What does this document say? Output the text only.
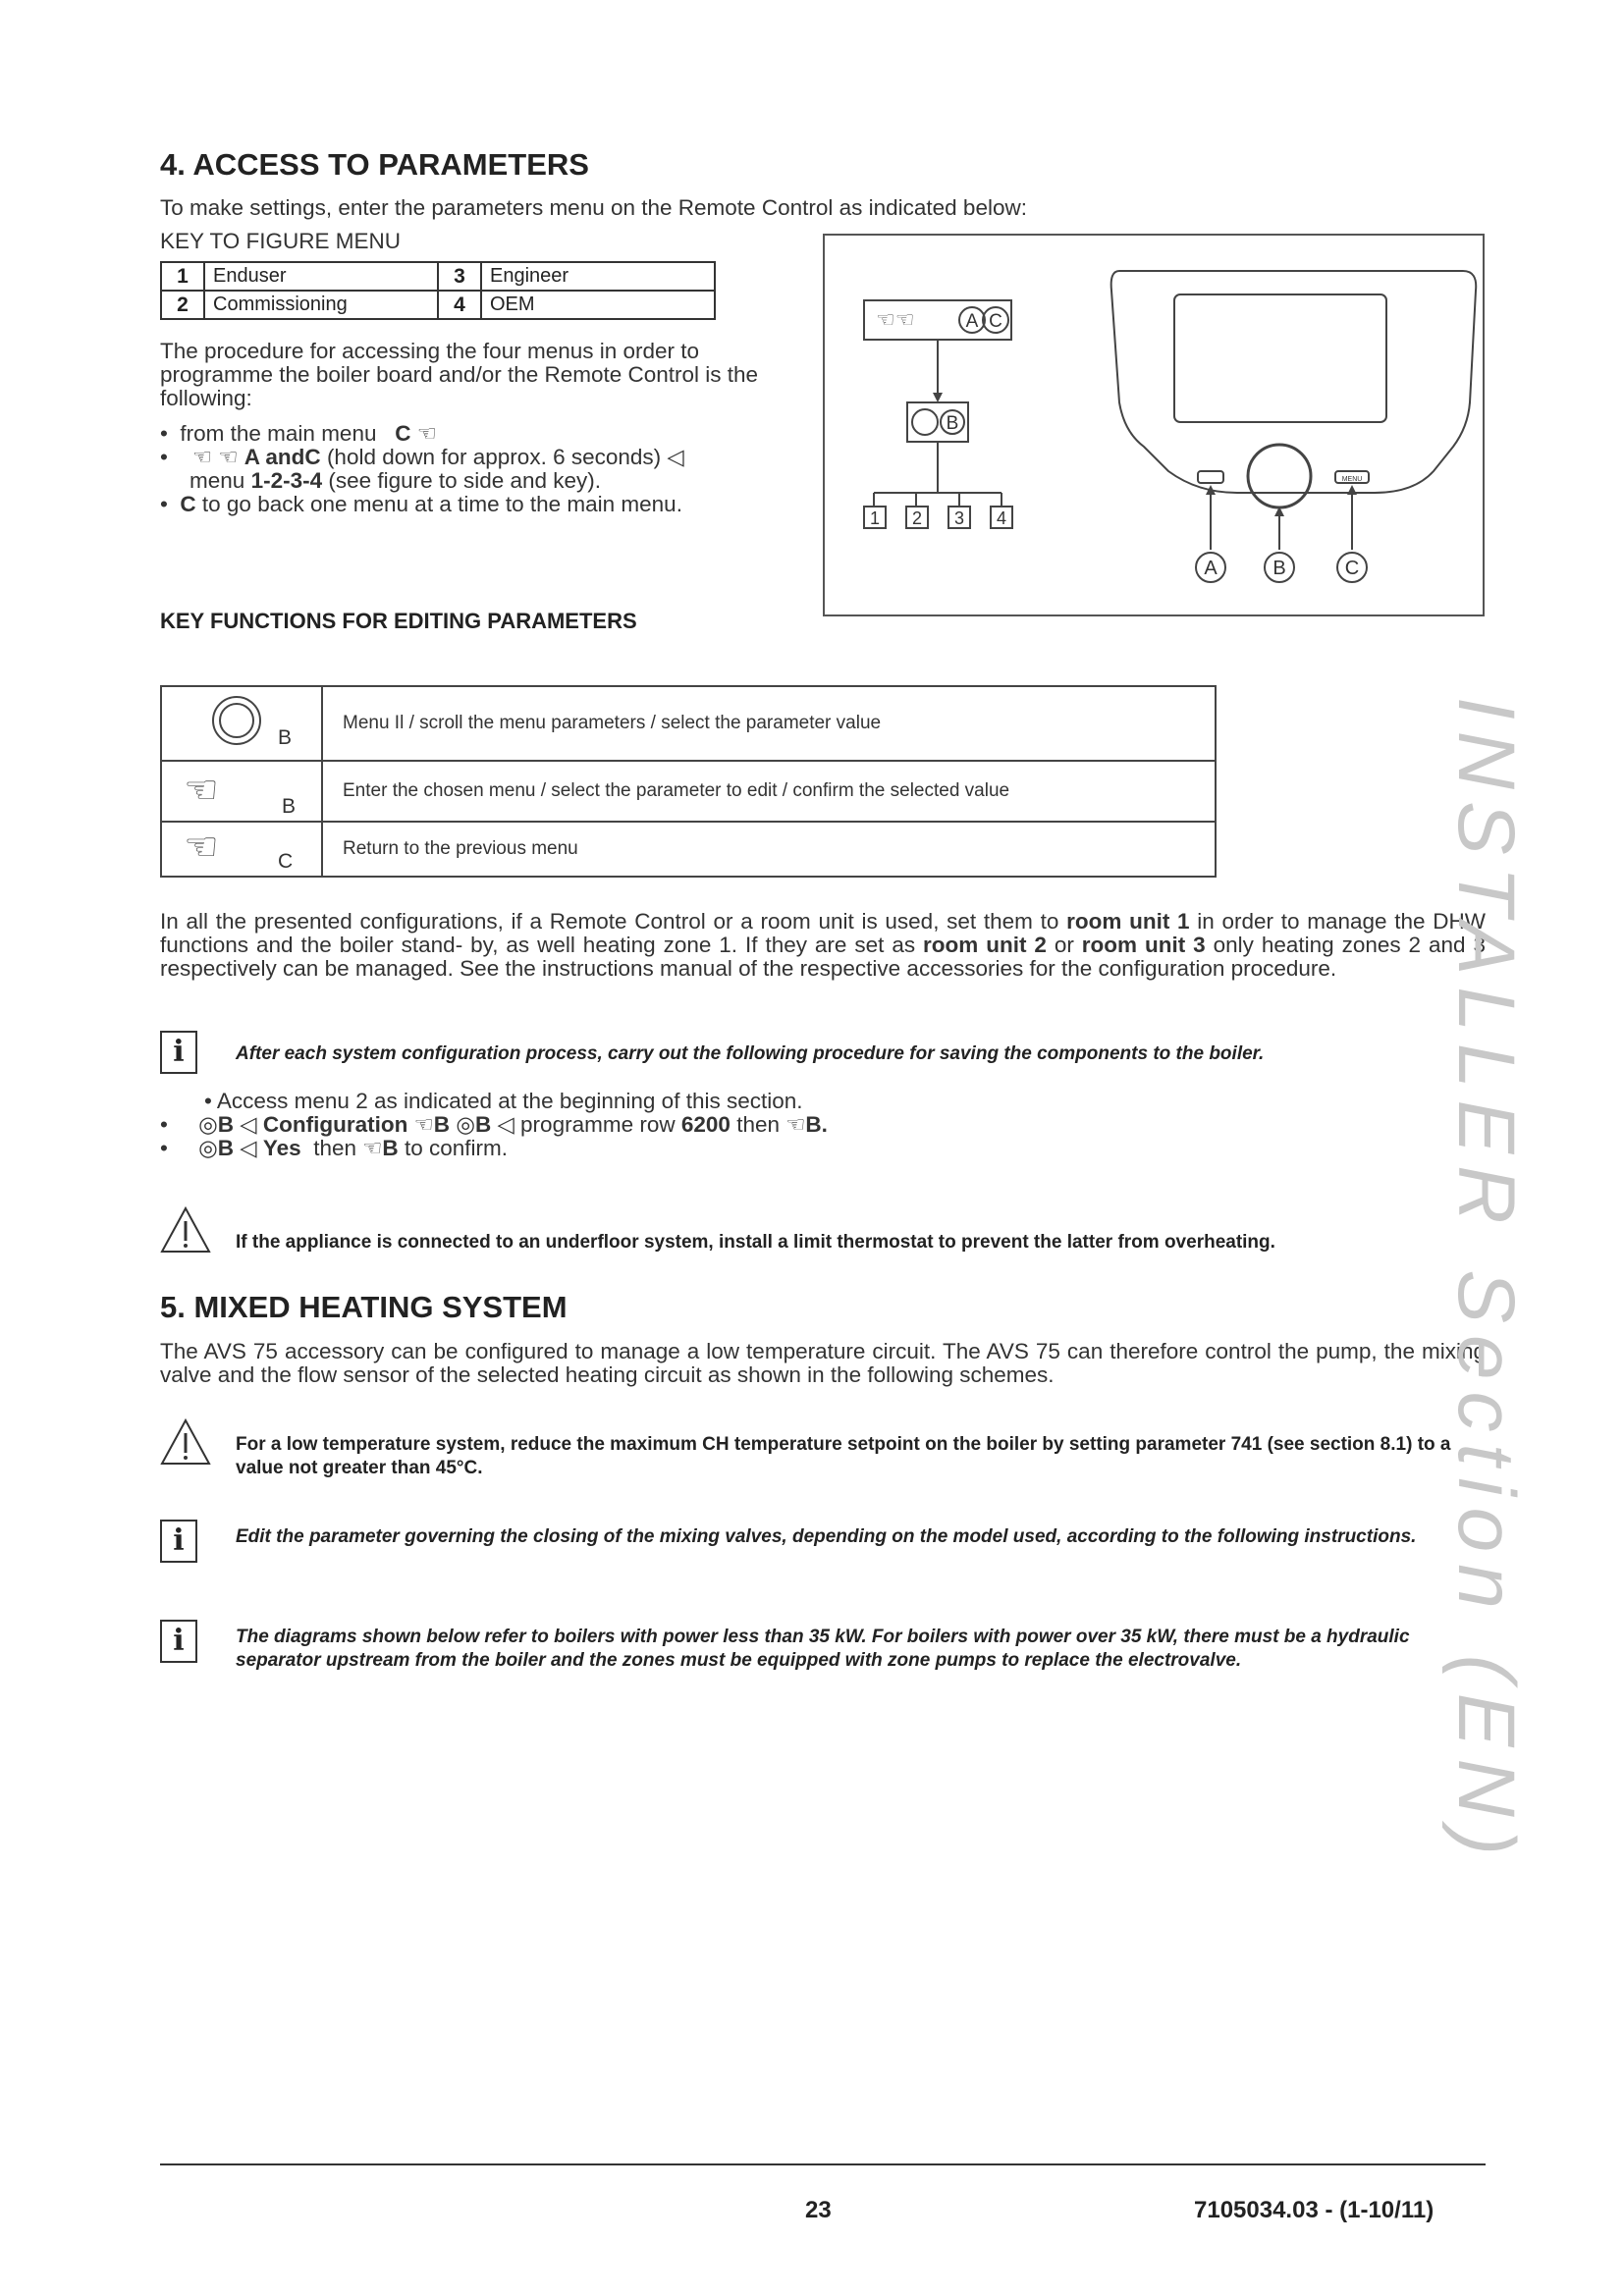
4. ACCESS TO PARAMETERS
To make settings, enter the parameters menu on the Remote Control as indicated below:
KEY TO FIGURE MENU
1	Enduser	3	Engineer
2	Commissioning	4	OEM
The procedure for accessing the four menus in order to programme the boiler board and/or the Remote Control is the following:
•  from the main menu C ☜
•    ☜ ☜ A andC (hold down for approx. 6 seconds) ◁
menu 1-2-3-4 (see figure to side and key).
•  C to go back one menu at a time to the main menu.
☜☜	A C
B
1 2 3 4
MENU
A	B	C
KEY FUNCTIONS FOR EDITING PARAMETERS
B	Menu Il / scroll the menu parameters / select the parameter value

☜ B	Enter the chosen menu / select the parameter to edit / confirm the selected value

☜ C	Return to the previous menu
In all the presented configurations, if a Remote Control or a room unit is used, set them to room unit 1 in order to manage the DHW functions and the boiler stand- by, as well heating zone 1. If they are set as room unit 2 or room unit 3 only heating zones 2 and 3 respectively can be managed. See the instructions manual of the respective accessories for the configuration procedure.
i	After each system configuration process, carry out the following procedure for saving the components to the boiler.
• Access menu 2 as indicated at the beginning of this section.
•     ◎B ◁ Configuration ☜B ◎B ◁ programme row 6200 then ☜B.
•     ◎B ◁ Yes then ☜B to confirm.
If the appliance is connected to an underfloor system, install a limit thermostat to prevent the latter from overheating.
5. MIXED HEATING SYSTEM
The AVS 75 accessory can be configured to manage a low temperature circuit. The AVS 75 can therefore control the pump, the mixing valve and the flow sensor of the selected heating circuit as shown in the following schemes.
For a low temperature system, reduce the maximum CH temperature setpoint on the boiler by setting parameter 741 (see section 8.1) to a value not greater than 45°C.
i	Edit the parameter governing the closing of the mixing valves, depending on the model used, according to the following instructions.
i	The diagrams shown below refer to boilers with power less than 35 kW. For boilers with power over 35 kW, there must be a hydraulic separator upstream from the boiler and the zones must be equipped with zone pumps to replace the electrovalve.	INSTALLER Section (EN)
23	7105034.03 - (1-10/11)
